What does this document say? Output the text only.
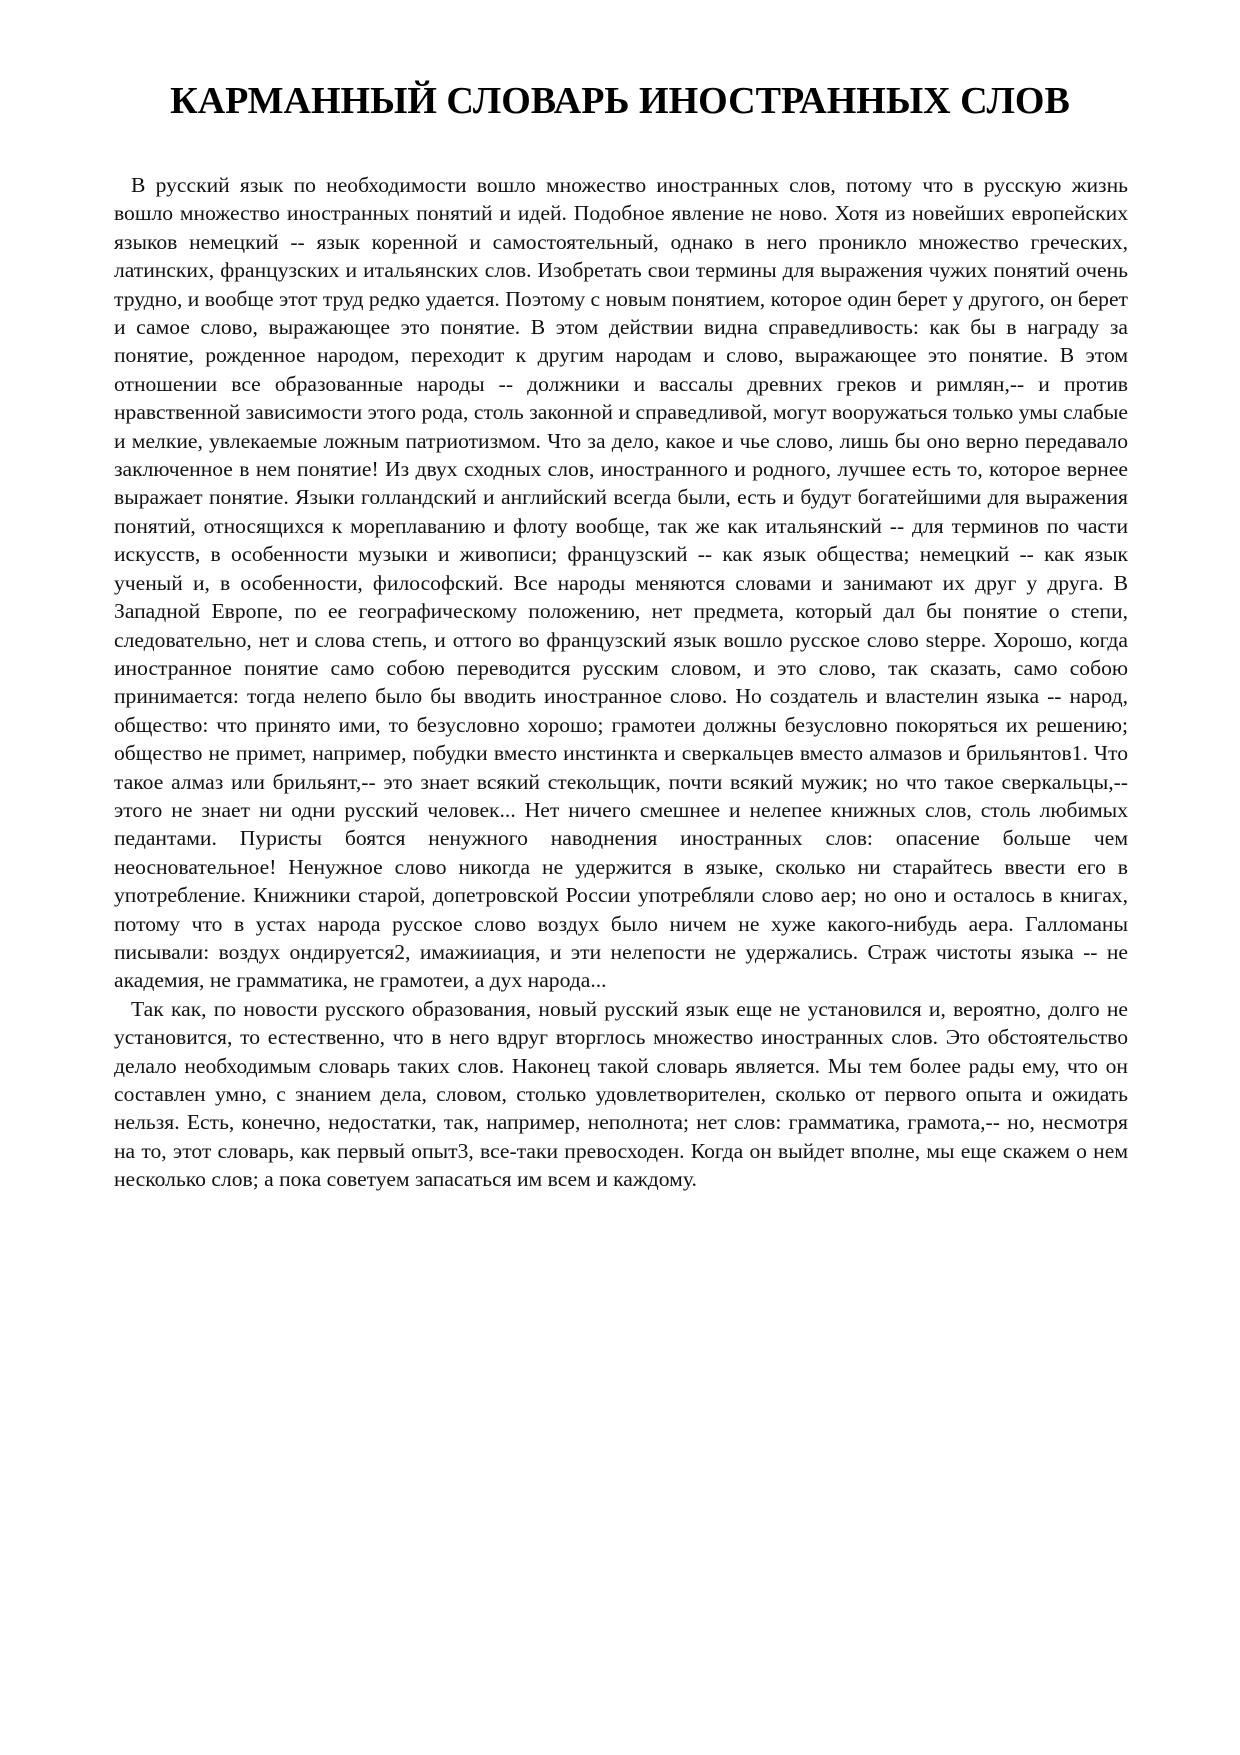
КАРМАННЫЙ СЛОВАРЬ ИНОСТРАННЫХ СЛОВ

В русский язык по необходимости вошло множество иностранных слов, потому что в русскую жизнь вошло множество иностранных понятий и идей. Подобное явление не ново. Хотя из новейших европейских языков немецкий -- язык коренной и самостоятельный, однако в него проникло множество греческих, латинских, французских и итальянских слов. Изобретать свои термины для выражения чужих понятий очень трудно, и вообще этот труд редко удается. Поэтому с новым понятием, которое один берет у другого, он берет и самое слово, выражающее это понятие. В этом действии видна справедливость: как бы в награду за понятие, рожденное народом, переходит к другим народам и слово, выражающее это понятие. В этом отношении все образованные народы -- должники и вассалы древних греков и римлян,-- и против нравственной зависимости этого рода, столь законной и справедливой, могут вооружаться только умы слабые и мелкие, увлекаемые ложным патриотизмом. Что за дело, какое и чье слово, лишь бы оно верно передавало заключенное в нем понятие! Из двух сходных слов, иностранного и родного, лучшее есть то, которое вернее выражает понятие. Языки голландский и английский всегда были, есть и будут богатейшими для выражения понятий, относящихся к мореплаванию и флоту вообще, так же как итальянский -- для терминов по части искусств, в особенности музыки и живописи; французский -- как язык общества; немецкий -- как язык ученый и, в особенности, философский. Все народы меняются словами и занимают их друг у друга. В Западной Европе, по ее географическому положению, нет предмета, который дал бы понятие о степи, следовательно, нет и слова степь, и оттого во французский язык вошло русское слово steppe. Хорошо, когда иностранное понятие само собою переводится русским словом, и это слово, так сказать, само собою принимается: тогда нелепо было бы вводить иностранное слово. Но создатель и властелин языка -- народ, общество: что принято ими, то безусловно хорошо; грамотеи должны безусловно покоряться их решению; общество не примет, например, побудки вместо инстинкта и сверкальцев вместо алмазов и брильянтов1. Что такое алмаз или брильянт,-- это знает всякий стекольщик, почти всякий мужик; но что такое сверкальцы,-- этого не знает ни одни русский человек... Нет ничего смешнее и нелепее книжных слов, столь любимых педантами. Пуристы боятся ненужного наводнения иностранных слов: опасение больше чем неосновательное! Ненужное слово никогда не удержится в языке, сколько ни старайтесь ввести его в употребление. Книжники старой, допетровской России употребляли слово аер; но оно и осталось в книгах, потому что в устах народа русское слово воздух было ничем не хуже какого-нибудь аера. Галломаны писывали: воздух ондируется2, имажииация, и эти нелепости не удержались. Страж чистоты языка -- не академия, не грамматика, не грамотеи, а дух народа...

Так как, по новости русского образования, новый русский язык еще не установился и, вероятно, долго не установится, то естественно, что в него вдруг вторглось множество иностранных слов. Это обстоятельство делало необходимым словарь таких слов. Наконец такой словарь является. Мы тем более рады ему, что он составлен умно, с знанием дела, словом, столько удовлетворителен, сколько от первого опыта и ожидать нельзя. Есть, конечно, недостатки, так, например, неполнота; нет слов: грамматика, грамота,-- но, несмотря на то, этот словарь, как первый опыт3, все-таки превосходен. Когда он выйдет вполне, мы еще скажем о нем несколько слов; а пока советуем запасаться им всем и каждому.
